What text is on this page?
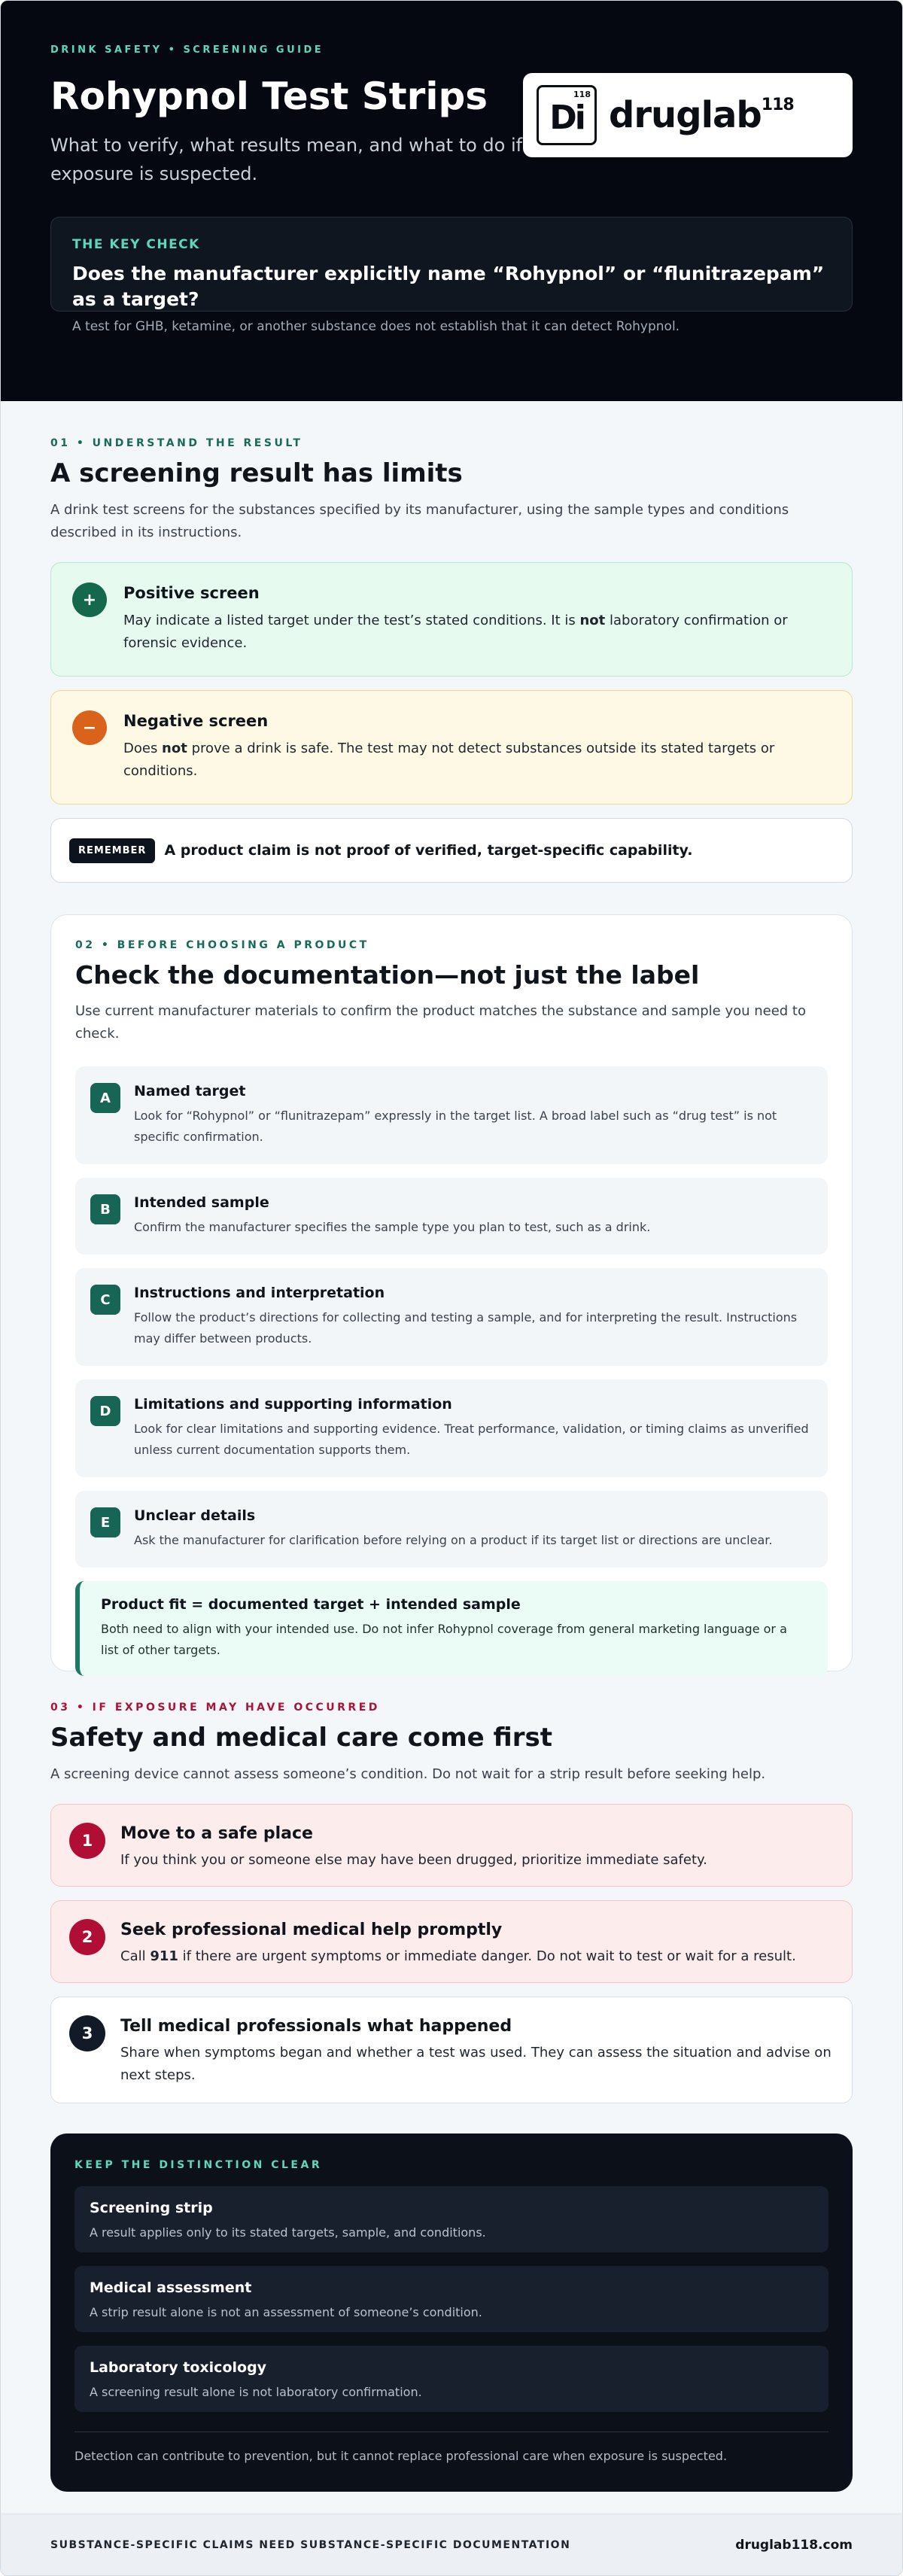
DRINK SAFETY • SCREENING GUIDE
Rohypnol Test Strips

What to verify, what results mean, and what to do if exposure is suspected.

118
Di druglab$^{118}$
THE KEY CHECK
Does the manufacturer explicitly name “Rohypnol” or “flunitrazepam” as a target?
A test for GHB, ketamine, or another substance does not establish that it can detect Rohypnol.
01 • UNDERSTAND THE RESULT
A screening result has limits

A drink test screens for the substances specified by its manufacturer, using the sample types and conditions described in its instructions.

+	Positive screen
May indicate a listed target under the test’s stated conditions. It is not laboratory confirmation or forensic evidence.
−	Negative screen
Does not prove a drink is safe. The test may not detect substances outside its stated targets or conditions.
REMEMBER	A product claim is not proof of verified, target-specific capability.
02 • BEFORE CHOOSING A PRODUCT
Check the documentation—not just the label

Use current manufacturer materials to confirm the product matches the substance and sample you need to check.

A	Named target
Look for “Rohypnol” or “flunitrazepam” expressly in the target list. A broad label such as “drug test” is not specific confirmation.
B	Intended sample
Confirm the manufacturer specifies the sample type you plan to test, such as a drink.
C	Instructions and interpretation
Follow the product’s directions for collecting and testing a sample, and for interpreting the result. Instructions may differ between products.
D	Limitations and supporting information
Look for clear limitations and supporting evidence. Treat performance, validation, or timing claims as unverified unless current documentation supports them.
E	Unclear details
Ask the manufacturer for clarification before relying on a product if its target list or directions are unclear.
Product fit = documented target + intended sample
Both need to align with your intended use. Do not infer Rohypnol coverage from general marketing language or a list of other targets.
03 • IF EXPOSURE MAY HAVE OCCURRED
Safety and medical care come first

A screening device cannot assess someone’s condition. Do not wait for a strip result before seeking help.

1	Move to a safe place
If you think you or someone else may have been drugged, prioritize immediate safety.
2	Seek professional medical help promptly
Call 911 if there are urgent symptoms or immediate danger. Do not wait to test or wait for a result.
3	Tell medical professionals what happened
Share when symptoms began and whether a test was used. They can assess the situation and advise on next steps.
KEEP THE DISTINCTION CLEAR
Screening strip
A result applies only to its stated targets, sample, and conditions.
Medical assessment
A strip result alone is not an assessment of someone’s condition.
Laboratory toxicology
A screening result alone is not laboratory confirmation.
Detection can contribute to prevention, but it cannot replace professional care when exposure is suspected.
SUBSTANCE-SPECIFIC CLAIMS NEED SUBSTANCE-SPECIFIC DOCUMENTATION	druglab118.com
